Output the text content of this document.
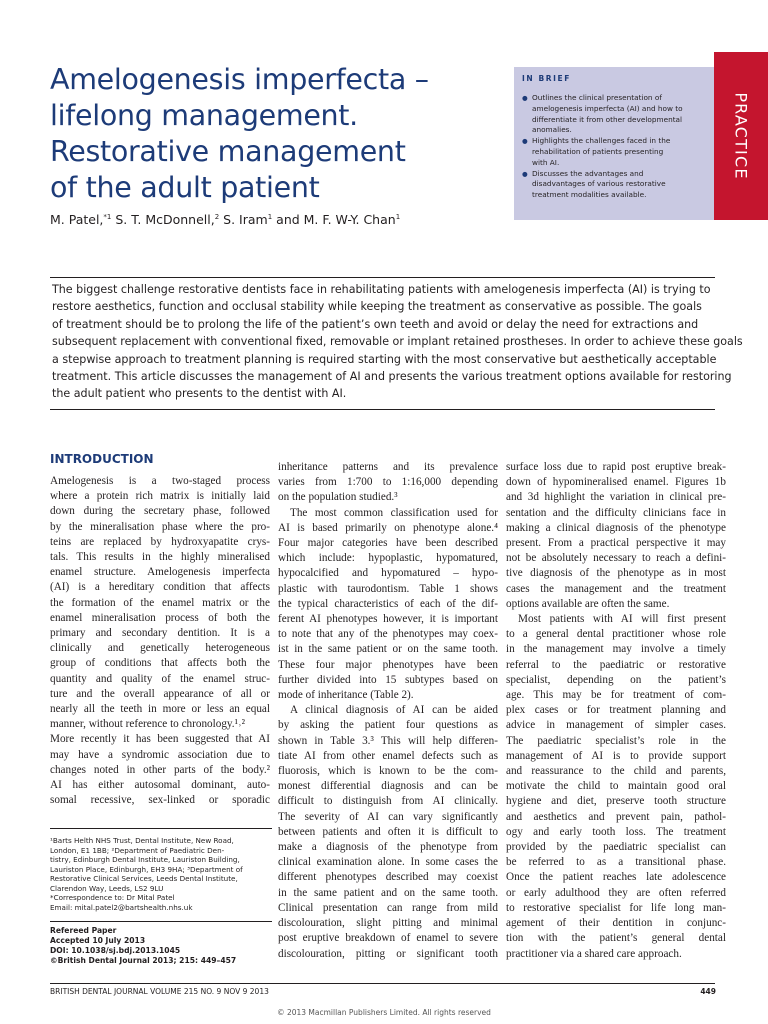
Amelogenesis imperfecta –
lifelong management.
Restorative management
of the adult patient
M. Patel,$^{*1}$ S. T. McDonnell,$^2$ S. Iram$^1$ and M. F. W-Y. Chan$^1$
IN BRIEF
● Outlines the clinical presentation of
amelogenesis imperfecta (AI) and how to
differentiate it from other developmental
anomalies.
● Highlights the challenges faced in the
rehabilitation of patients presenting
with AI.
● Discusses the advantages and
disadvantages of various restorative
treatment modalities available.
PRACTICE
The biggest challenge restorative dentists face in rehabilitating patients with amelogenesis imperfecta (AI) is trying to
restore aesthetics, function and occlusal stability while keeping the treatment as conservative as possible. The goals
of treatment should be to prolong the life of the patient’s own teeth and avoid or delay the need for extractions and
subsequent replacement with conventional fixed, removable or implant retained prostheses. In order to achieve these goals
a stepwise approach to treatment planning is required starting with the most conservative but aesthetically acceptable
treatment. This article discusses the management of AI and presents the various treatment options available for restoring
the adult patient who presents to the dentist with AI.
INTRODUCTION
Amelogenesis is a two-staged process
where a protein rich matrix is initially laid
down during the secretary phase, followed
by the mineralisation phase where the pro-
teins are replaced by hydroxyapatite crys-
tals. This results in the highly mineralised
enamel structure. Amelogenesis imperfecta
(AI) is a hereditary condition that affects
the formation of the enamel matrix or the
enamel mineralisation process of both the
primary and secondary dentition. It is a
clinically and genetically heterogeneous
group of conditions that affects both the
quantity and quality of the enamel struc-
ture and the overall appearance of all or
nearly all the teeth in more or less an equal
manner, without reference to chronology.¹˒²
More recently it has been suggested that AI
may have a syndromic association due to
changes noted in other parts of the body.²
AI has either autosomal dominant, auto-
somal recessive, sex-linked or sporadic
inheritance patterns and its prevalence
varies from 1:700 to 1:16,000 depending
on the population studied.³
The most common classification used for
AI is based primarily on phenotype alone.⁴
Four major categories have been described
which include: hypoplastic, hypomatured,
hypocalcified and hypomatured – hypo-
plastic with taurodontism. Table 1 shows
the typical characteristics of each of the dif-
ferent AI phenotypes however, it is important
to note that any of the phenotypes may coex-
ist in the same patient or on the same tooth.
These four major phenotypes have been
further divided into 15 subtypes based on
mode of inheritance (Table 2).
A clinical diagnosis of AI can be aided
by asking the patient four questions as
shown in Table 3.³ This will help differen-
tiate AI from other enamel defects such as
fluorosis, which is known to be the com-
monest differential diagnosis and can be
difficult to distinguish from AI clinically.
The severity of AI can vary significantly
between patients and often it is difficult to
make a diagnosis of the phenotype from
clinical examination alone. In some cases the
different phenotypes described may coexist
in the same patient and on the same tooth.
Clinical presentation can range from mild
discolouration, slight pitting and minimal
post eruptive breakdown of enamel to severe
discolouration, pitting or significant tooth
surface loss due to rapid post eruptive break-
down of hypomineralised enamel. Figures 1b
and 3d highlight the variation in clinical pre-
sentation and the difficulty clinicians face in
making a clinical diagnosis of the phenotype
present. From a practical perspective it may
not be absolutely necessary to reach a defini-
tive diagnosis of the phenotype as in most
cases the management and the treatment
options available are often the same.
Most patients with AI will first present
to a general dental practitioner whose role
in the management may involve a timely
referral to the paediatric or restorative
specialist, depending on the patient’s
age. This may be for treatment of com-
plex cases or for treatment planning and
advice in management of simpler cases.
The paediatric specialist’s role in the
management of AI is to provide support
and reassurance to the child and parents,
motivate the child to maintain good oral
hygiene and diet, preserve tooth structure
and aesthetics and prevent pain, pathol-
ogy and early tooth loss. The treatment
provided by the paediatric specialist can
be referred to as a transitional phase.
Once the patient reaches late adolescence
or early adulthood they are often referred
to restorative specialist for life long man-
agement of their dentition in conjunc-
tion with the patient’s general dental
practitioner via a shared care approach.
¹Barts Helth NHS Trust, Dental Institute, New Road,
London, E1 1BB; ²Department of Paediatric Den-
tistry, Edinburgh Dental Institute, Lauriston Building,
Lauriston Place, Edinburgh, EH3 9HA; ³Department of
Restorative Clinical Services, Leeds Dental Institute,
Clarendon Way, Leeds, LS2 9LU
*Correspondence to: Dr Mital Patel
Email: mital.patel2@bartshealth.nhs.uk
Refereed Paper
Accepted 10 July 2013
DOI: 10.1038/sj.bdj.2013.1045
©British Dental Journal 2013; 215: 449–457
BRITISH DENTAL JOURNAL VOLUME 215 NO. 9 NOV 9 2013	449
© 2013 Macmillan Publishers Limited. All rights reserved
